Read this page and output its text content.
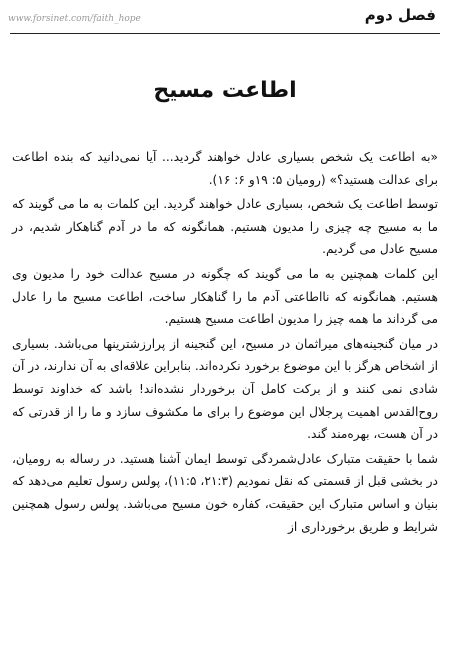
فصل دوم
www.forsinet.com/faith_hope
اطاعت مسیح

«به اطاعت یک شخص بسیاری عادل خواهند گردید... آیا نمی‌دانید که بنده اطاعت برای عدالت هستید؟» (رومیان ۵: ۱۹و ۶: ۱۶).

توسط اطاعت یک شخص، بسیاری عادل خواهند گردید. این کلمات به ما می گویند که ما به مسیح چه چیزی را مدیون هستیم. همانگونه که ما در آدم گناهکار شدیم، در مسیح عادل می گردیم.

این کلمات همچنین به ما می گویند که چگونه در مسیح عدالت خود را مدیون وی هستیم. همانگونه که نااطاعتی آدم ما را گناهکار ساخت، اطاعت مسیح ما را عادل می گرداند ما همه چیز را مدیون اطاعت مسیح هستیم.

در میان گنجینه‌های میراثمان در مسیح، این گنجینه از پرارزشترینها می‌باشد. بسیاری از اشخاص هرگز با این موضوع برخورد نکرده‌اند. بنابراین علاقه‌ای به آن ندارند، در آن شادی نمی کنند و از برکت کامل آن برخوردار نشده‌اند! باشد که خداوند توسط روح‌القدس اهمیت پرجلال این موضوع را برای ما مکشوف سازد و ما را از قدرتی که در آن هست، بهره‌مند گند.

شما با حقیقت متبارک عادل‌شمردگی توسط ایمان آشنا هستید. در رساله به رومیان، در بخشی قبل از قسمتی که نقل نمودیم (۲۱:۳، ۱۱:۵)، پولس رسول تعلیم می‌دهد که بنیان و اساس متبارک این حقیقت، کفاره خون مسیح می‌باشد. پولس رسول همچنین شرایط و طریق برخورداری از
